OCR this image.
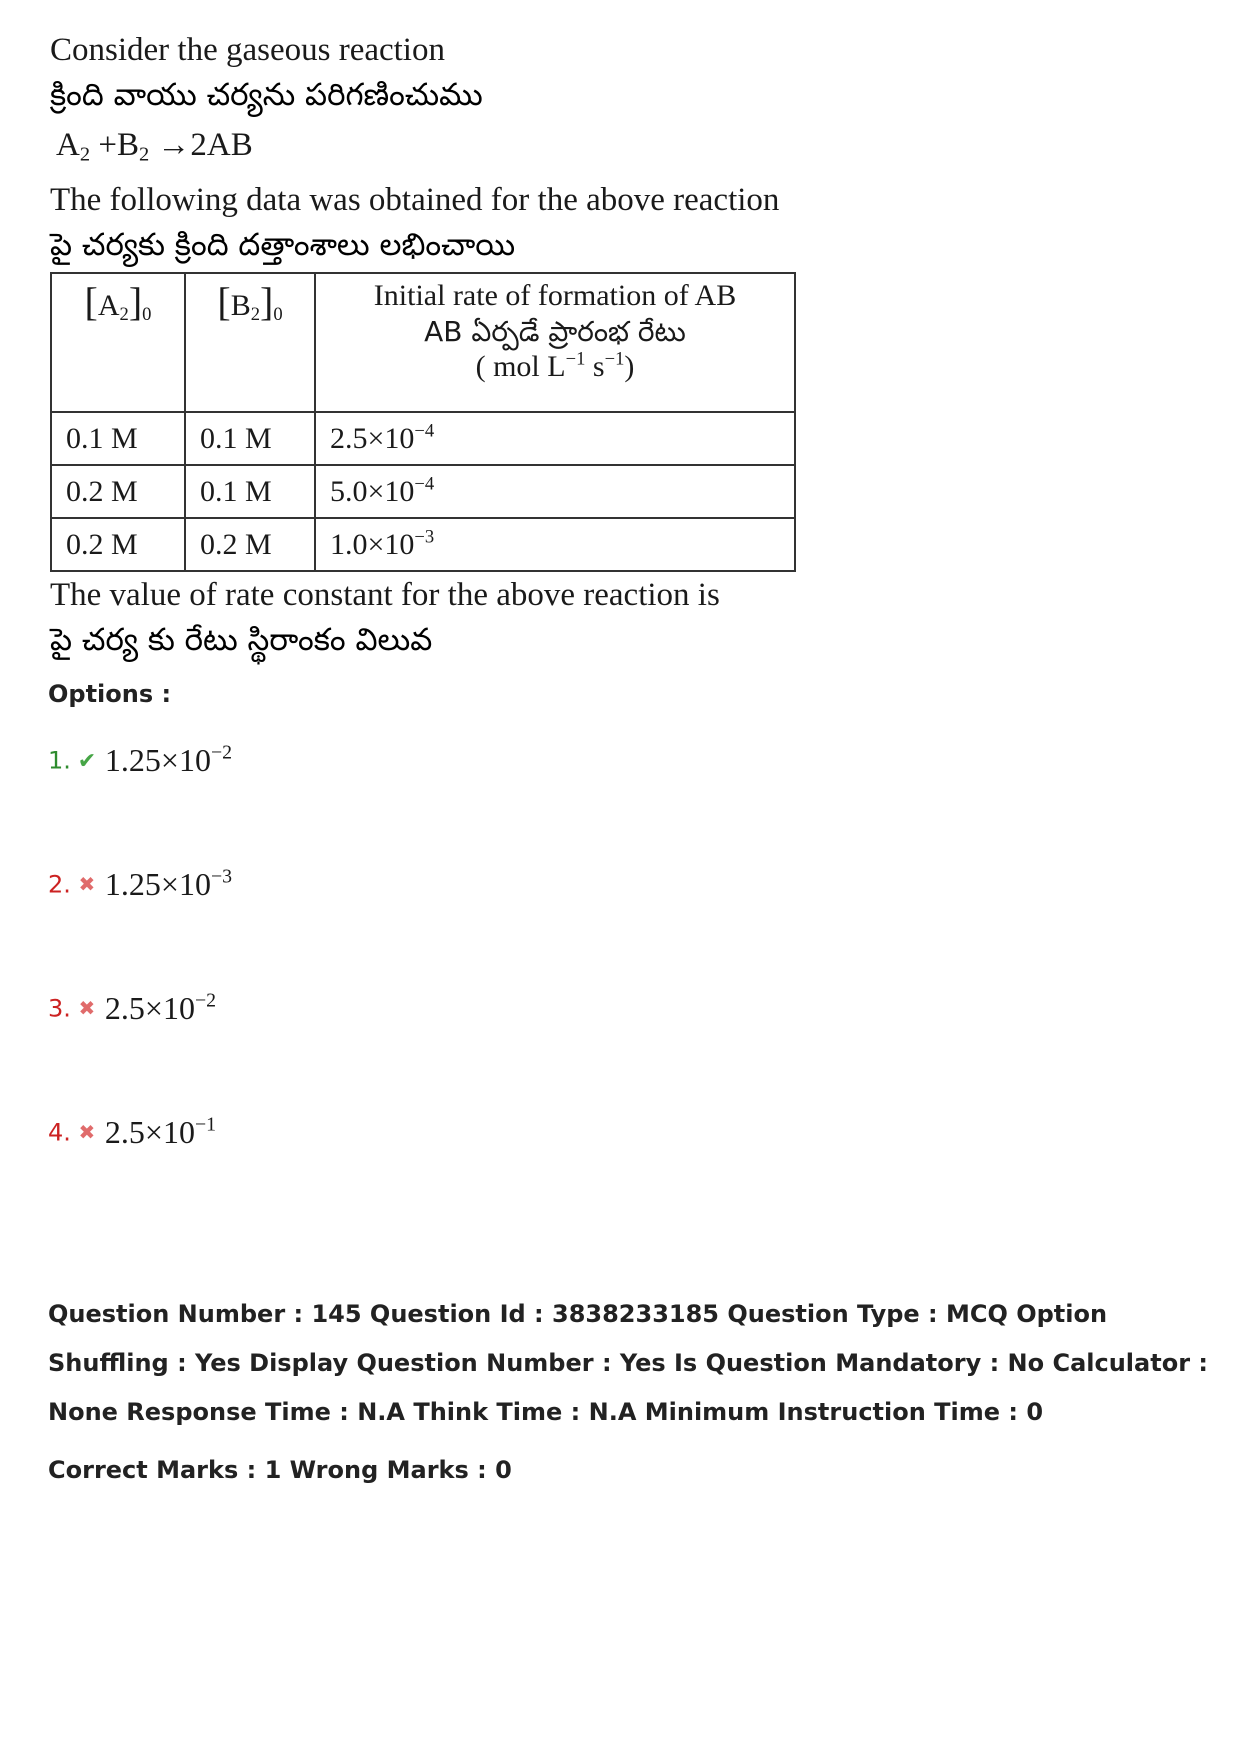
Consider the gaseous reaction
క్రింది వాయు చర్యను పరిగణించుము
$A_2 +B_2 \to 2AB$
The following data was obtained for the above reaction
పై చర్యకు క్రింది దత్తాంశాలు లభించాయి
$[A_2]_0$	$[B_2]_0$	Initial rate of formation of AB
AB ఏర్పడే ప్రారంభ రేటు
( mol $L^{-1}$ $s^{-1}$)

0.1 M	0.1 M	$2.5\times 10^{-4}$
0.2 M	0.1 M	$5.0\times 10^{-4}$
0.2 M	0.2 M	$1.0\times 10^{-3}$
The value of rate constant for the above reaction is
పై చర్య కు రేటు స్థిరాంకం విలువ
Options :
1. ✔ $1.25\times 10^{-2}$
2. ✖ $1.25\times 10^{-3}$
3. ✖ $2.5\times 10^{-2}$
4. ✖ $2.5\times 10^{-1}$
Question Number : 145 Question Id : 3838233185 Question Type : MCQ Option Shuffling : Yes Display Question Number : Yes Is Question Mandatory : No Calculator : None Response Time : N.A Think Time : N.A Minimum Instruction Time : 0
Correct Marks : 1 Wrong Marks : 0
